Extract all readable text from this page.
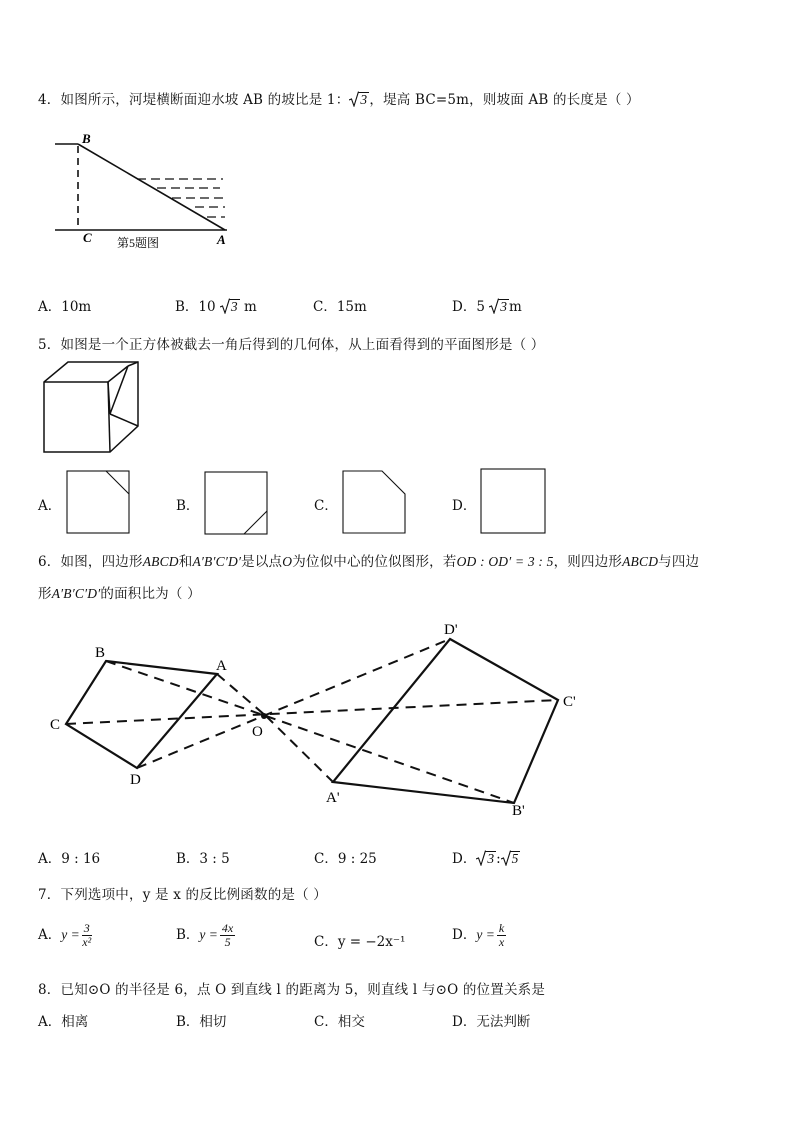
4．如图所示，河堤横断面迎水坡 AB 的坡比是 1： 3 ，堤高 BC=5m，则坡面 AB 的长度是（ ）
B
C 第5题图	A
A．10m	B．10 3 m	C．15m	D．5 3 m
5．如图是一个正方体被截去一角后得到的几何体，从上面看得到的平面图形是（ ）
A．	B．	C．	D．
6．如图，四边形ABCD和A′B′C′D′是以点O为位似中心的位似图形，若OD : OD′ = 3 : 5，则四边形ABCD与四边
形A′B′C′D′的面积比为（ ）
B
A
C
D
O
D'
C'
A'
B'
A．9 : 16	B．3 : 5	C．9 : 25	D． 3 : 5
7．下列选项中，y 是 x 的反比例函数的是（ ）
A．$y = \frac{3}{\text{x²}}$	B．$y = \frac{4x}{5}$	C．y = −2x⁻¹	D．$y = \frac{k}{x}$
8．已知⊙O 的半径是 6，点 O 到直线 l 的距离为 5，则直线 l 与⊙O 的位置关系是
A．相离	B．相切	C．相交	D．无法判断
